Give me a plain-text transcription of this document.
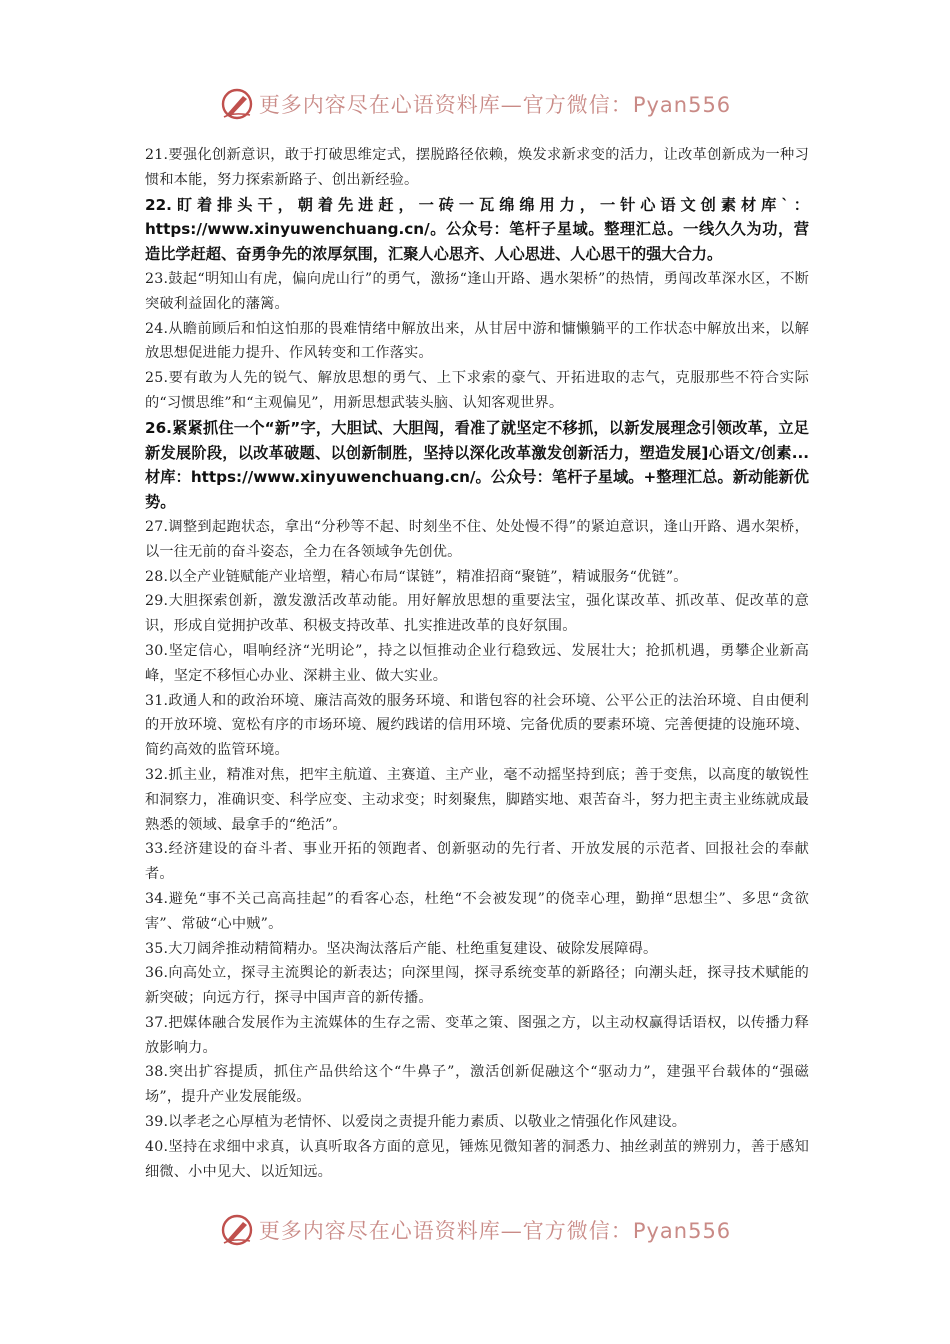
更多内容尽在心语资料库—官方微信：Pyan556

21.要强化创新意识，敢于打破思维定式，摆脱路径依赖，焕发求新求变的活力，让改革创新成为一种习惯和本能，努力探索新路子、创出新经验。

22.盯着排头干，朝着先进赶，一砖一瓦绵绵用力，一针心语文创素材库`：https://www.xinyuwenchuang.cn/。公众号：笔杆子星域。整理汇总。一线久久为功，营造比学赶超、奋勇争先的浓厚氛围，汇聚人心思齐、人心思进、人心思干的强大合力。

23.鼓起“明知山有虎，偏向虎山行”的勇气，激扬“逢山开路、遇水架桥”的热情，勇闯改革深水区，不断突破利益固化的藩篱。

24.从瞻前顾后和怕这怕那的畏难情绪中解放出来，从甘居中游和慵懒躺平的工作状态中解放出来，以解放思想促进能力提升、作风转变和工作落实。

25.要有敢为人先的锐气、解放思想的勇气、上下求索的豪气、开拓进取的志气，克服那些不符合实际的“习惯思维”和“主观偏见”，用新思想武装头脑、认知客观世界。

26.紧紧抓住一个“新”字，大胆试、大胆闯，看准了就坚定不移抓，以新发展理念引领改革，立足新发展阶段，以改革破题、以创新制胜，坚持以深化改革激发创新活力，塑造发展]心语文/创素...材库：https://www.xinyuwenchuang.cn/。公众号：笔杆子星域。+整理汇总。新动能新优势。

27.调整到起跑状态，拿出“分秒等不起、时刻坐不住、处处慢不得”的紧迫意识，逢山开路、遇水架桥，以一往无前的奋斗姿态，全力在各领域争先创优。

28.以全产业链赋能产业培塑，精心布局“谋链”，精准招商“聚链”，精诚服务“优链”。

29.大胆探索创新，激发激活改革动能。用好解放思想的重要法宝，强化谋改革、抓改革、促改革的意识，形成自觉拥护改革、积极支持改革、扎实推进改革的良好氛围。

30.坚定信心，唱响经济“光明论”，持之以恒推动企业行稳致远、发展壮大；抢抓机遇，勇攀企业新高峰，坚定不移恒心办业、深耕主业、做大实业。

31.政通人和的政治环境、廉洁高效的服务环境、和谐包容的社会环境、公平公正的法治环境、自由便利的开放环境、宽松有序的市场环境、履约践诺的信用环境、完备优质的要素环境、完善便捷的设施环境、简约高效的监管环境。

32.抓主业，精准对焦，把牢主航道、主赛道、主产业，毫不动摇坚持到底；善于变焦，以高度的敏锐性和洞察力，准确识变、科学应变、主动求变；时刻聚焦，脚踏实地、艰苦奋斗，努力把主责主业练就成最熟悉的领域、最拿手的“绝活”。

33.经济建设的奋斗者、事业开拓的领跑者、创新驱动的先行者、开放发展的示范者、回报社会的奉献者。

34.避免“事不关己高高挂起”的看客心态，杜绝“不会被发现”的侥幸心理，勤掸“思想尘”、多思“贪欲害”、常破“心中贼”。

35.大刀阔斧推动精简精办。坚决淘汰落后产能、杜绝重复建设、破除发展障碍。

36.向高处立，探寻主流舆论的新表达；向深里闯，探寻系统变革的新路径；向潮头赶，探寻技术赋能的新突破；向远方行，探寻中国声音的新传播。

37.把媒体融合发展作为主流媒体的生存之需、变革之策、图强之方，以主动权赢得话语权，以传播力释放影响力。

38.突出扩容提质，抓住产品供给这个“牛鼻子”，激活创新促融这个“驱动力”，建强平台载体的“强磁场”，提升产业发展能级。

39.以孝老之心厚植为老情怀、以爱岗之责提升能力素质、以敬业之情强化作风建设。

40.坚持在求细中求真，认真听取各方面的意见，锤炼见微知著的洞悉力、抽丝剥茧的辨别力，善于感知细微、小中见大、以近知远。

更多内容尽在心语资料库—官方微信：Pyan556
